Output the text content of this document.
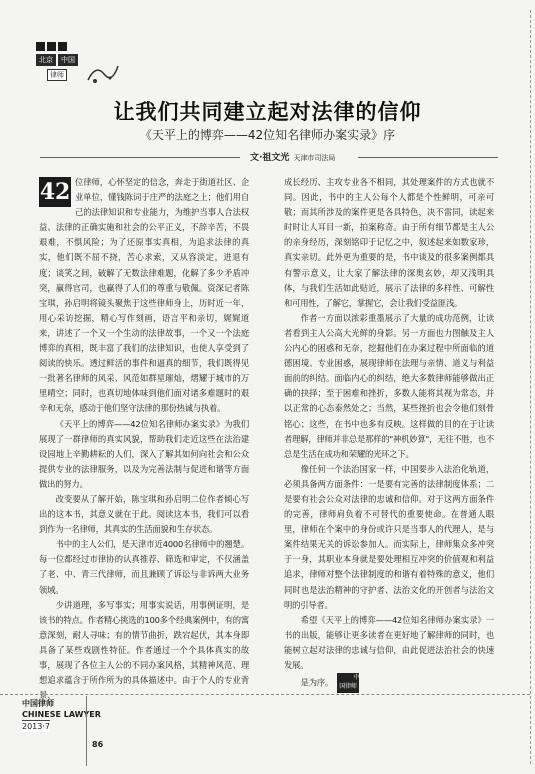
北京	中国
律师
让我们共同建立起对法律的信仰
《天平上的博弈——42位知名律师办案实录》序
文·祖文光 天津市司法局

42 位律师，心怀坚定的信念，奔走于街道社区、企业单位，懂钱陈词于庄严的法庭之上；他们用自己的法律知识和专业能力，为维护当事人合法权益、法律的正确实施和社会的公平正义，不辞辛苦，不畏艰难，不惧风险；为了还原事实真相，为追求法律的真实，他们既不屈不挠，苦心求索，又从容淡定，进退有度；谈笑之间，破解了无数法律难题，化解了多少矛盾冲突，赢得官司，也赢得了人们的尊重与敬佩。资深记者陈宝琪，孙启明将镜头聚焦于这些律师身上，历时近一年，用心采访挖掘，精心写作刻画，语言平和亲切，娓娓道来，讲述了一个又一个生动的法律故事，一个又一个法庭博弈的真相，既丰富了我们的法律知识，也使人享受到了阅读的快乐。透过鲜活的事件和逼真的细节，我们既得见一批著名律师的风采、风范如群星璀灿，熠耀于城市的万里晴空；同时，也真切地体味到他们面对诸多难题时的艰辛和无奈，感动于他们坚守法律的那份热诚与执着。

《天平上的博弈——42位知名律师办案实录》为我们展现了一群律师的真实风貌，帮助我们走近这些在法治建设园地上辛勤耕耘的人们，深入了解其如何向社会和公众提供专业的法律服务，以及为完善法制与促进和谐等方面做出的努力。

改变要从了解开始，陈宝琪和孙启明二位作者倾心写出的这本书，其意义就在于此。阅读这本书，我们可以看到作为一名律师，其真实的生活面貌和生存状态。

书中的主人公们，是天津市近4000名律师中的翘楚。每一位都经过市律协的认真推荐、筛选和审定，不仅涵盖了老、中、青三代律师，而且兼顾了诉讼与非诉两大业务领域。

少讲道理，多写事实；用事实说话，用事例证明，是该书的特点。作者精心挑选的100多个经典案例中，有的寓意深刻，耐人寻味；有的情节曲折，跌宕起伏，其本身即具备了某些戏剧性特征。作者通过一个个具体真实的故事，展现了各位主人公的不同办案风格，其精神风范、理想追求蕴含于所作所为的具体描述中。由于个人的专业背景、

成长经历、主攻专业各不相同，其处理案件的方式也就不同。因此，书中的主人公每个人都是个性鲜明，可亲可敬；而其所涉及的案件更是各具特色，决不雷同，读起来时时让人耳目一新，拍案称奇。由于所有细节都是主人公的亲身经历，深刻铭印于记忆之中，叙述起来如数家珍，真实亲切。此外更为重要的是，书中谈及的很多案例都具有警示意义，让大家了解法律的深奥玄妙，却又浅明具体，与我们生活如此贴近，展示了法律的多样性、可解性和可用性，了解它，掌握它，会让我们受益匪浅。

作者一方面以浓彩重墨展示了大量的成功范例，让读者看到主人公高大光鲜的身影。另一方面也力图触及主人公内心的困惑和无奈，挖掘他们在办案过程中所面临的道德困境、专业困惑，展现律师在法理与亲情、道义与利益面前的纠结。面临内心的纠结，绝大多数律师能够做出正确的抉择；至于困难和挫折，多数人能将其视为常态，并以正常的心态泰然处之；当然，某些挫折也会令他们刻骨铭心；这些，在书中也多有反映。这样做的目的在于让读者理解，律师并非总是那样的"神机妙算"，无往不胜，也不总是生活在成功和荣耀的光环之下。

像任何一个法治国家一样，中国要步入法治化轨道，必须具备两方面条件：一是要有完善的法律制度体系；二是要有社会公众对法律的忠诚和信仰。对于这两方面条件的完善，律师肩负着不可替代的重要使命。在普通人眼里，律师在个案中的身份或许只是当事人的代理人，是与案件结果无关的诉讼参加人。而实际上，律师集众多冲突于一身，其职业本身就是要处理相互冲突的价值观和利益追求，律师对整个法律制度的和谐有着特殊的意义，他们同时也是法治精神的守护者、法治文化的开创者与法治文明的引导者。

希望《天平上的博弈——42位知名律师办案实录》一书的出版，能够让更多读者在更好地了解律师的同时，也能树立起对法律的忠诚与信仰，由此促进法治社会的快速发展。

是为序。	中国律师

中国律师
CHINESE LAWYER
2013·7
86
